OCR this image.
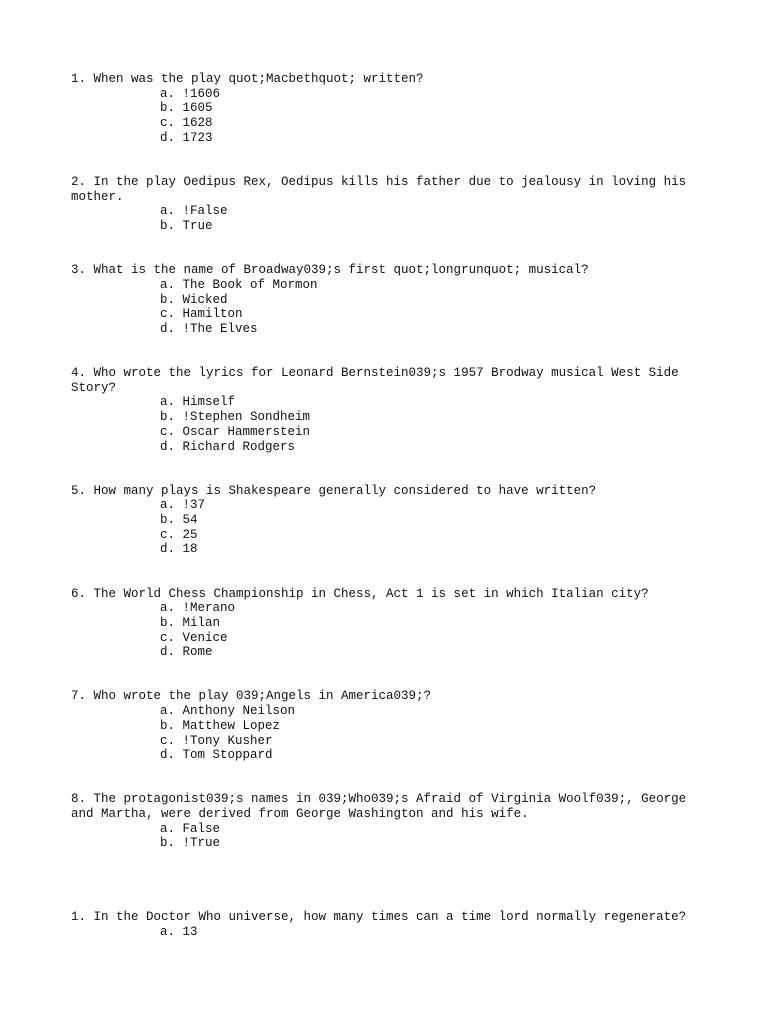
1. When was the play quot;Macbethquot; written?
a. !1606
b. 1605
c. 1628
d. 1723
2. In the play Oedipus Rex, Oedipus kills his father due to jealousy in loving his mother.
a. !False
b. True
3. What is the name of Broadway039;s first quot;longrunquot; musical?
a. The Book of Mormon
b. Wicked
c. Hamilton
d. !The Elves
4. Who wrote the lyrics for Leonard Bernstein039;s 1957 Brodway musical West Side Story?
a. Himself
b. !Stephen Sondheim
c. Oscar Hammerstein
d. Richard Rodgers
5. How many plays is Shakespeare generally considered to have written?
a. !37
b. 54
c. 25
d. 18
6. The World Chess Championship in Chess, Act 1 is set in which Italian city?
a. !Merano
b. Milan
c. Venice
d. Rome
7. Who wrote the play 039;Angels in America039;?
a. Anthony Neilson
b. Matthew Lopez
c. !Tony Kusher
d. Tom Stoppard
8. The protagonist039;s names in 039;Who039;s Afraid of Virginia Woolf039;, George and Martha, were derived from George Washington and his wife.
a. False
b. !True
1. In the Doctor Who universe, how many times can a time lord normally regenerate?
a. 13
